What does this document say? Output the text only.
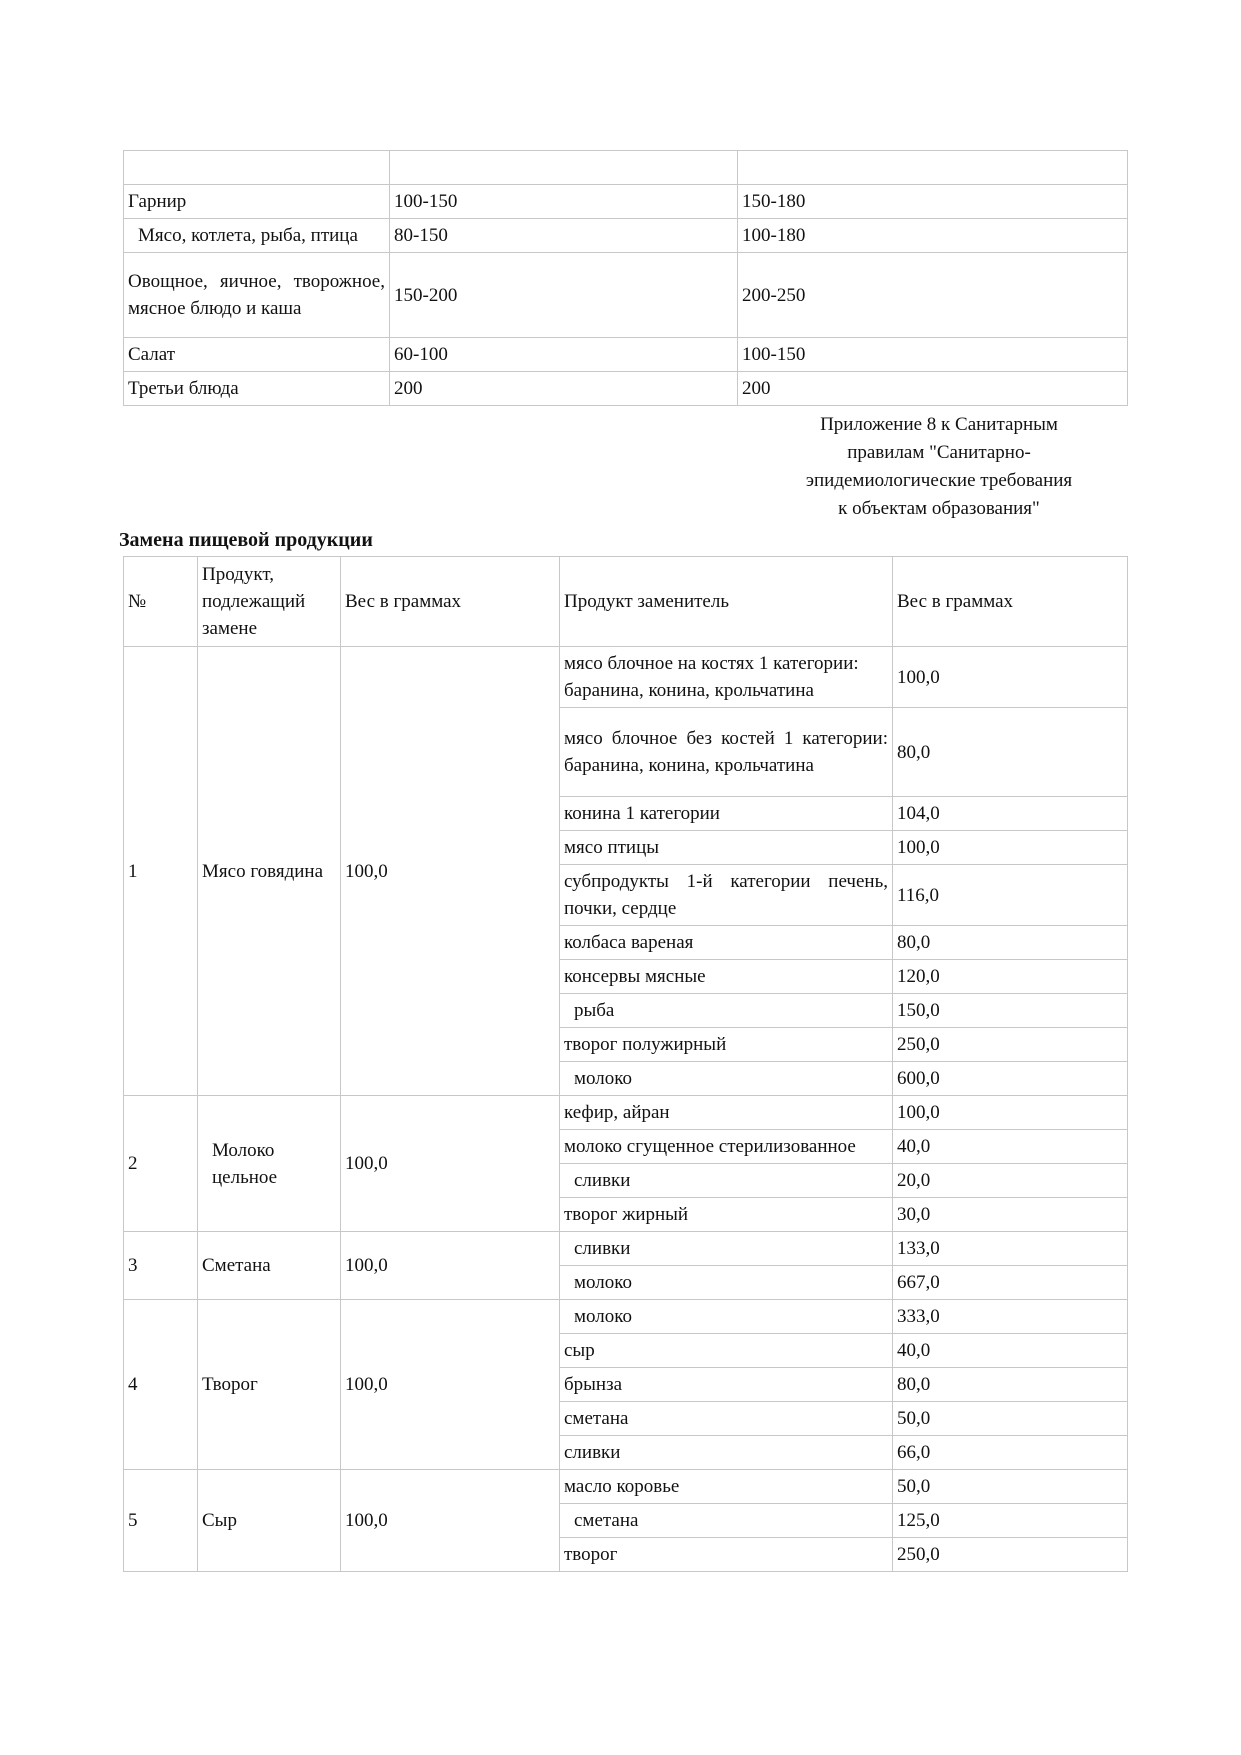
Гарнир	100-150	150-180
Мясо, котлета, рыба, птица	80-150	100-180
Овощное, яичное, творожное, мясное блюдо и каша	150-200	200-250
Салат	60-100	100-150
Третьи блюда	200	200
Приложение 8 к Санитарным
правилам "Санитарно-
эпидемиологические требования
к объектам образования"
Замена пищевой продукции
№	Продукт, подлежащий замене	Вес в граммах	Продукт заменитель	Вес в граммах
1	Мясо говядина	100,0	мясо блочное на костях 1 категории: баранина, конина, крольчатина	100,0
			мясо блочное без костей 1 категории: баранина, конина, крольчатина	80,0
			конина 1 категории	104,0
			мясо птицы	100,0
			субпродукты 1-й категории печень, почки, сердце	116,0
			колбаса вареная	80,0
			консервы мясные	120,0
			рыба	150,0
			творог полужирный	250,0
			молоко	600,0
2	Молоко цельное	100,0	кефир, айран	100,0
			молоко сгущенное стерилизованное	40,0
			сливки	20,0
			творог жирный	30,0
3	Сметана	100,0	сливки	133,0
			молоко	667,0
4	Творог	100,0	молоко	333,0
			сыр	40,0
			брынза	80,0
			сметана	50,0
			сливки	66,0
5	Сыр	100,0	масло коровье	50,0
			сметана	125,0
			творог	250,0
